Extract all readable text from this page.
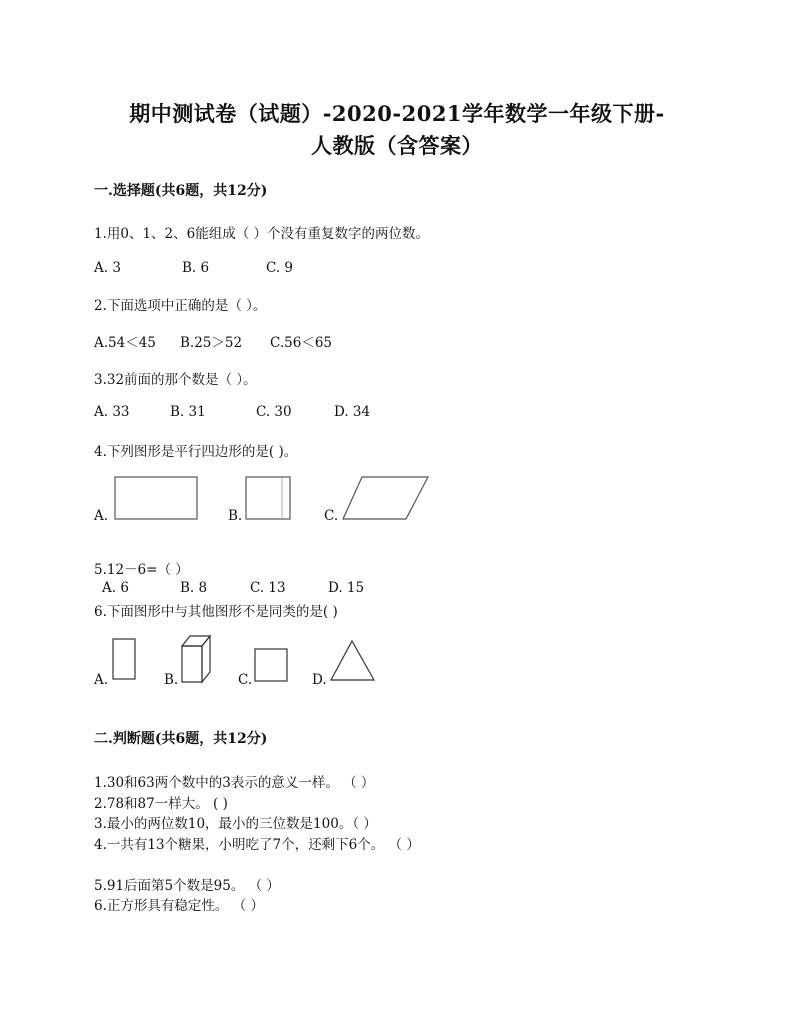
期中测试卷（试题）-2020-2021学年数学一年级下册-
人教版（含答案）
一.选择题(共6题，共12分)
1.用0、1、2、6能组成（ ）个没有重复数字的两位数。
A. 3	B. 6	C. 9
2.下面选项中正确的是（ ）。
A.54＜45 B.25＞52 C.56＜65
3.32前面的那个数是（ ）。
A. 33	B. 31	C. 30	D. 34
4.下列图形是平行四边形的是( )。
A.	B.	C.
5.12－6=（ ）
A. 6	B. 8	C. 13	D. 15
6.下面图形中与其他图形不是同类的是( )
A.	B.	C.	D.
二.判断题(共6题，共12分)
1.30和63两个数中的3表示的意义一样。 （ ）
2.78和87一样大。 ( )
3.最小的两位数10，最小的三位数是100。（ ）
4.一共有13个糖果，小明吃了7个，还剩下6个。 （ ）
5.91后面第5个数是95。 （ ）
6.正方形具有稳定性。 （ ）
